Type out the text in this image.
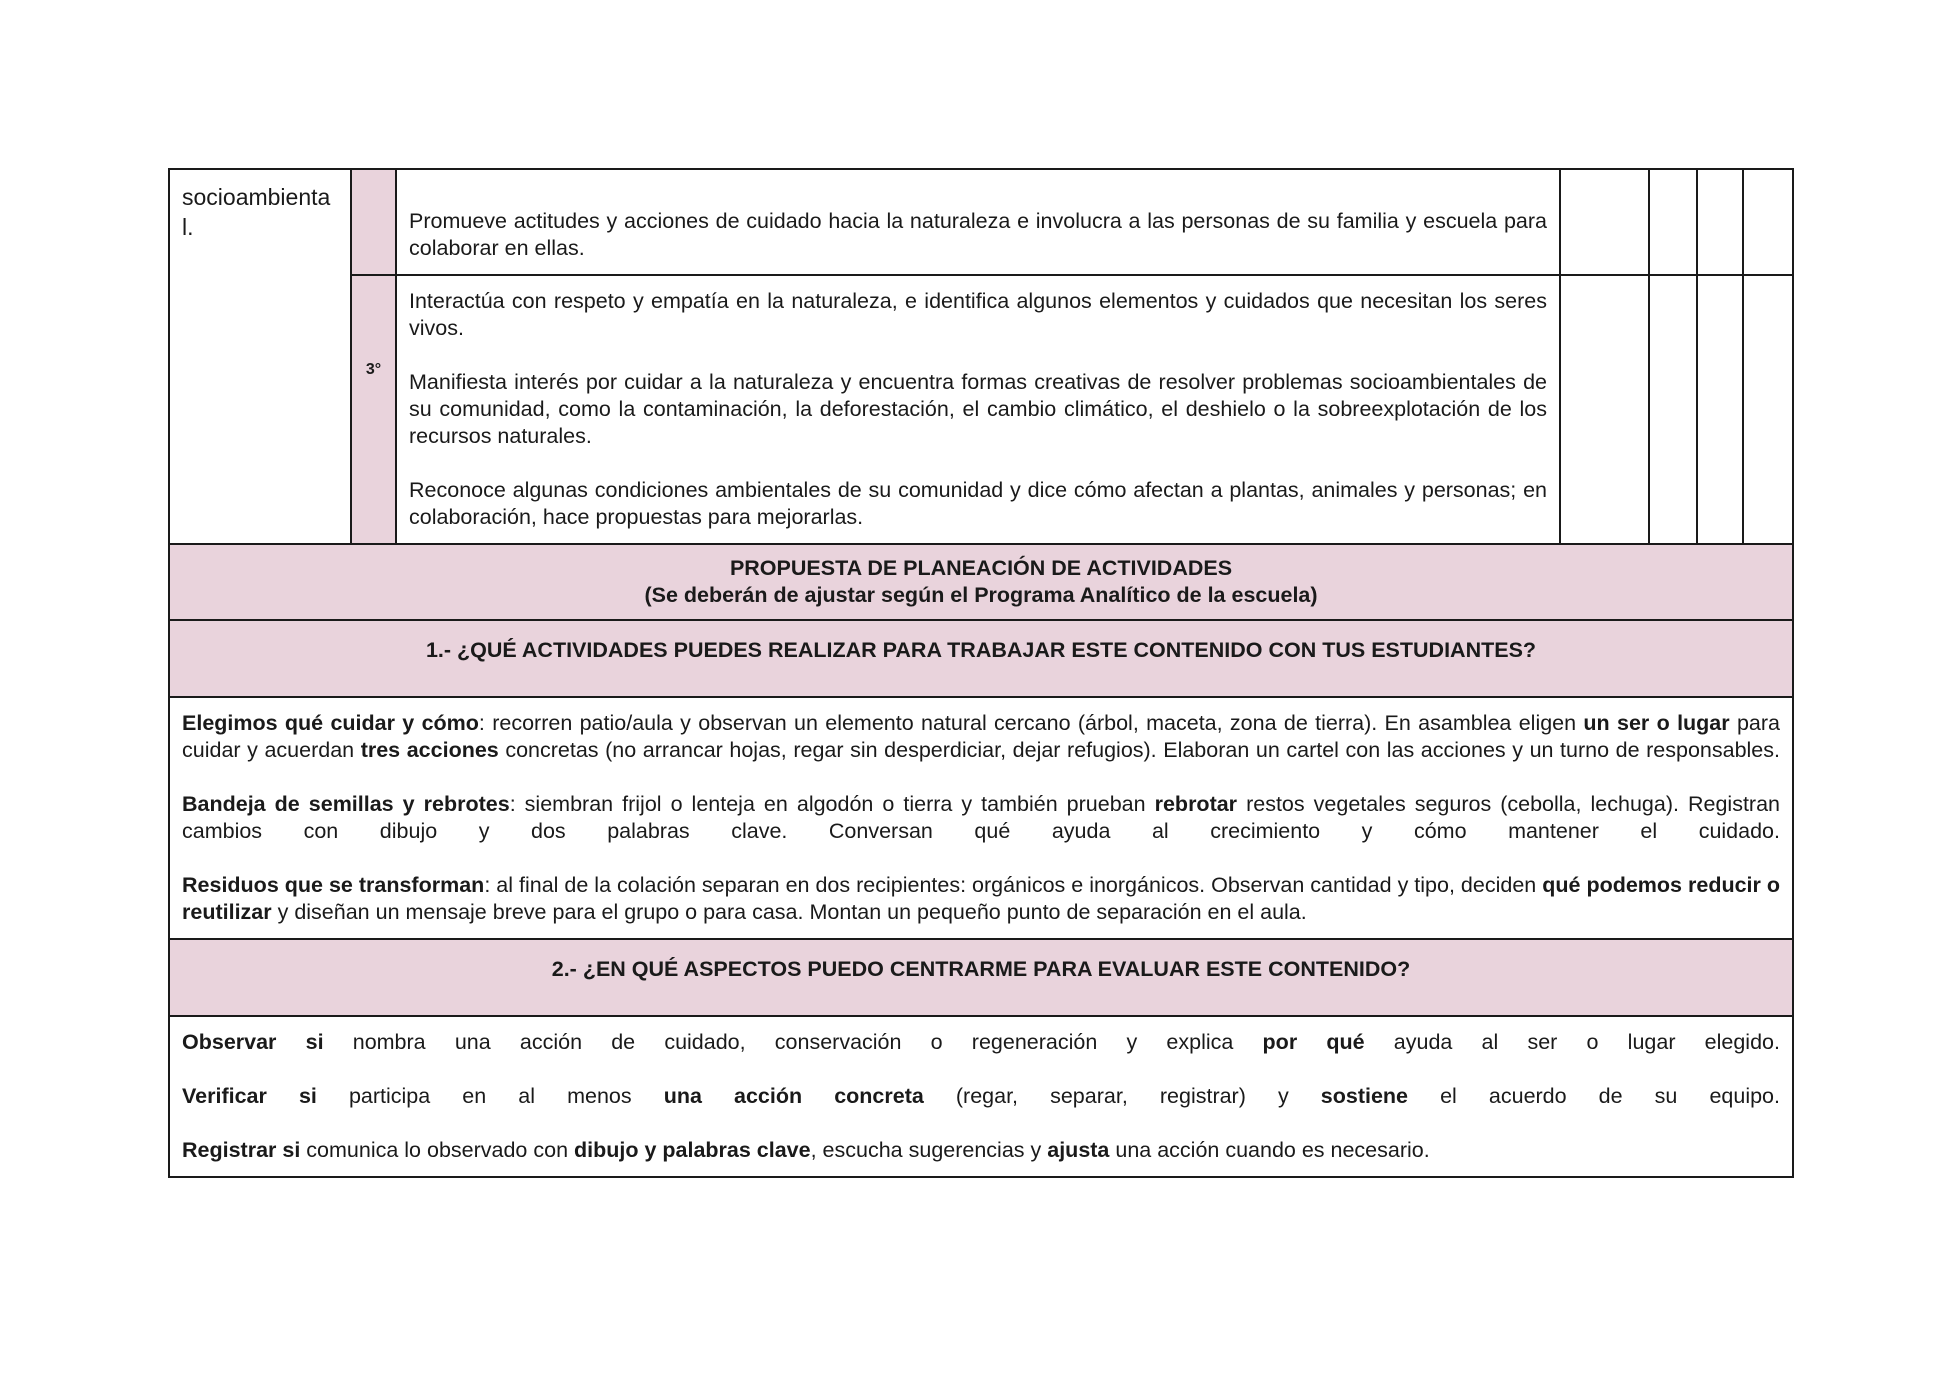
socioambienta
l.		Promueve actitudes y acciones de cuidado hacia la naturaleza e involucra a las personas de su familia y escuela para colaborar en ellas.				

	3°	Interactúa con respeto y empatía en la naturaleza, e identifica algunos elementos y cuidados que necesitan los seres vivos.

Manifiesta interés por cuidar a la naturaleza y encuentra formas creativas de resolver problemas socioambientales de su comunidad, como la contaminación, la deforestación, el cambio climático, el deshielo o la sobreexplotación de los recursos naturales.

Reconoce algunas condiciones ambientales de su comunidad y dice cómo afectan a plantas, animales y personas; en colaboración, hace propuestas para mejorarlas.				

PROPUESTA DE PLANEACIÓN DE ACTIVIDADES
(Se deberán de ajustar según el Programa Analítico de la escuela)						

1.- ¿QUÉ ACTIVIDADES PUEDES REALIZAR PARA TRABAJAR ESTE CONTENIDO CON TUS ESTUDIANTES?						

Elegimos qué cuidar y cómo: recorren patio/aula y observan un elemento natural cercano (árbol, maceta, zona de tierra). En asamblea eligen un ser o lugar para cuidar y acuerdan tres acciones concretas (no arrancar hojas, regar sin desperdiciar, dejar refugios). Elaboran un cartel con las acciones y un turno de responsables.

Bandeja de semillas y rebrotes: siembran frijol o lenteja en algodón o tierra y también prueban rebrotar restos vegetales seguros (cebolla, lechuga). Registran cambios con dibujo y dos palabras clave. Conversan qué ayuda al crecimiento y cómo mantener el cuidado.

Residuos que se transforman: al final de la colación separan en dos recipientes: orgánicos e inorgánicos. Observan cantidad y tipo, deciden qué podemos reducir o reutilizar y diseñan un mensaje breve para el grupo o para casa. Montan un pequeño punto de separación en el aula.						

2.- ¿EN QUÉ ASPECTOS PUEDO CENTRARME PARA EVALUAR ESTE CONTENIDO?						

Observar si nombra una acción de cuidado, conservación o regeneración y explica por qué ayuda al ser o lugar elegido.

Verificar si participa en al menos una acción concreta (regar, separar, registrar) y sostiene el acuerdo de su equipo.

Registrar si comunica lo observado con dibujo y palabras clave, escucha sugerencias y ajusta una acción cuando es necesario.						
